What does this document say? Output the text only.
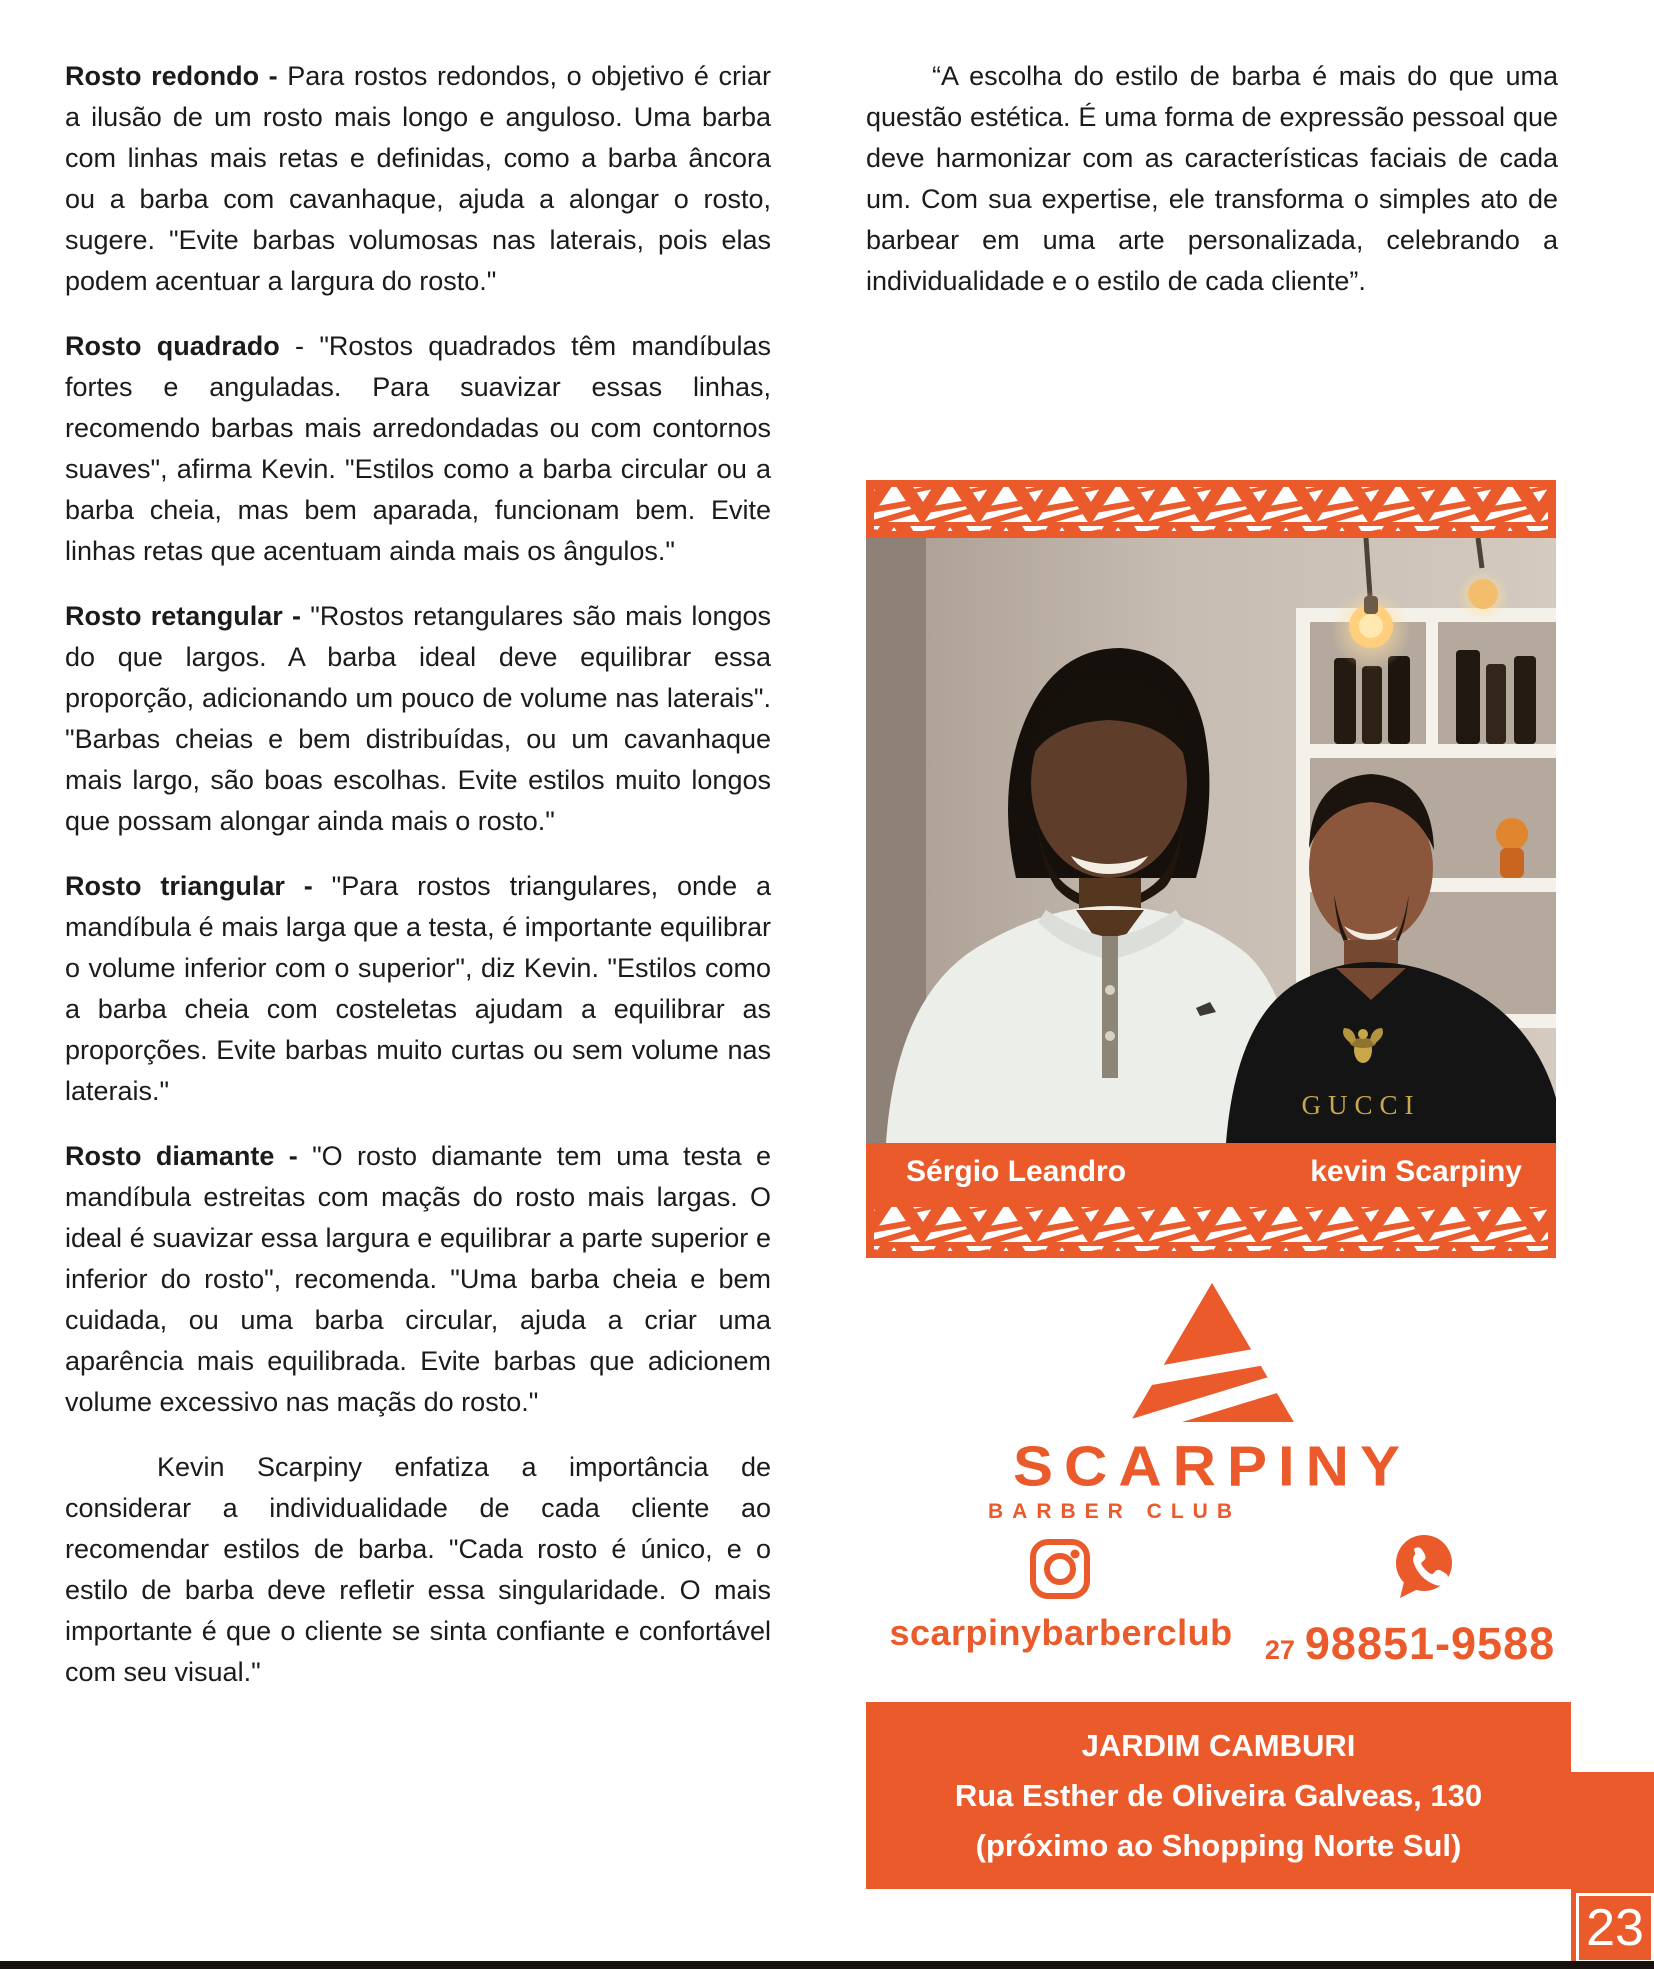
Rosto redondo - Para rostos redondos, o objetivo é criar a ilusão de um rosto mais longo e anguloso. Uma barba com linhas mais retas e definidas, como a barba âncora ou a barba com cavanhaque, ajuda a alongar o rosto, sugere. "Evite barbas volumosas nas laterais, pois elas podem acentuar a largura do rosto."

Rosto quadrado - "Rostos quadrados têm mandíbulas fortes e anguladas. Para suavizar essas linhas, recomendo barbas mais arredondadas ou com contornos suaves", afirma Kevin. "Estilos como a barba circular ou a barba cheia, mas bem aparada, funcionam bem. Evite linhas retas que acentuam ainda mais os ângulos."

Rosto retangular - "Rostos retangulares são mais longos do que largos. A barba ideal deve equilibrar essa proporção, adicionando um pouco de volume nas laterais". "Barbas cheias e bem distribuídas, ou um cavanhaque mais largo, são boas escolhas. Evite estilos muito longos que possam alongar ainda mais o rosto."

Rosto triangular - "Para rostos triangulares, onde a mandíbula é mais larga que a testa, é importante equilibrar o volume inferior com o superior", diz Kevin. "Estilos como a barba cheia com costeletas ajudam a equilibrar as proporções. Evite barbas muito curtas ou sem volume nas laterais."

Rosto diamante - "O rosto diamante tem uma testa e mandíbula estreitas com maçãs do rosto mais largas. O ideal é suavizar essa largura e equilibrar a parte superior e inferior do rosto", recomenda. "Uma barba cheia e bem cuidada, ou uma barba circular, ajuda a criar uma aparência mais equilibrada. Evite barbas que adicionem volume excessivo nas maçãs do rosto."

Kevin Scarpiny enfatiza a importância de considerar a individualidade de cada cliente ao recomendar estilos de barba. "Cada rosto é único, e o estilo de barba deve refletir essa singularidade. O mais importante é que o cliente se sinta confiante e confortável com seu visual."

“A escolha do estilo de barba é mais do que uma questão estética. É uma forma de expressão pessoal que deve harmonizar com as características faciais de cada um. Com sua expertise, ele transforma o simples ato de barbear em uma arte personalizada, celebrando a individualidade e o estilo de cada cliente”.
GUCCI
Sérgio Leandro	kevin Scarpiny
SCARPINY
BARBER CLUB
scarpinybarberclub	27 98851-9588
JARDIM CAMBURI
Rua Esther de Oliveira Galveas, 130
(próximo ao Shopping Norte Sul)
23
